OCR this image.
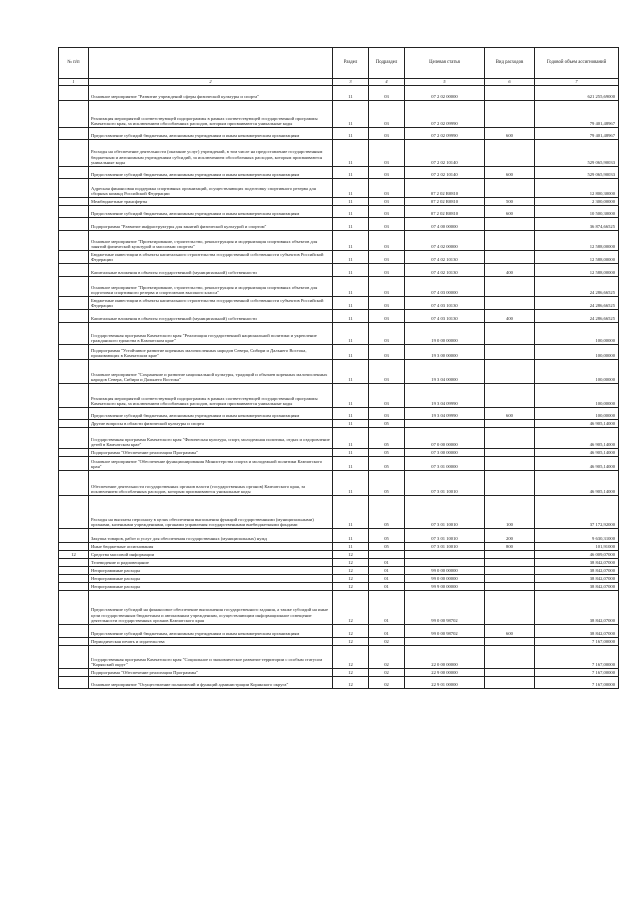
№ п/п		Раздел	Подраздел	Целевая статья	Вид расходов	Годовой объем ассигнований
1	2	3	4	5	6	7
	Основное мероприятие "Развитие учреждений сферы физической культуры и спорта"	11	03	07 2 02 00000		621 255,69000
	Реализация мероприятий соответствующей подпрограммы в рамках соответствующей государственной программы Камчатского края, за исключением обособленных расходов, которым присваиваются уникальные коды	11	03	07 2 02 09990		79 401,48967
	Предоставление субсидий бюджетным, автономным учреждениям и иным некоммерческим организациям	11	03	07 2 02 09990	600	79 401,48967
	Расходы на обеспечение деятельности (оказание услуг) учреждений, в том числе на предоставление государственным бюджетным и автономным учреждениям субсидий, за исключением обособленных расходов, которым присваиваются уникальные коды	11	03	07 2 02 10140		529 065,90033
	Предоставление субсидий бюджетным, автономным учреждениям и иным некоммерческим организациям	11	03	07 2 02 10140	600	529 065,90033
	Адресная финансовая поддержка спортивных организаций, осуществляющих подготовку спортивного резерва для сборных команд Российской Федерации	11	03	07 2 02 R0810		12 800,30000
	Межбюджетные трансферты	11	03	07 2 02 R0810	500	2 300,00000
	Предоставление субсидий бюджетным, автономным учреждениям и иным некоммерческим организациям	11	03	07 2 02 R0810	600	10 500,30000
	Подпрограмма "Развитие инфраструктуры для занятий физической культурой и спортом"	11	03	07 4 00 00000		36 874,66525
	Основное мероприятие "Проектирование, строительство, реконструкция и модернизация спортивных объектов для занятий физической культурой и массовым спортом"	11	03	07 4 02 00000		12 588,00000
	Бюджетные инвестиции в объекты капитального строительства государственной собственности субъектов Российской Федерации	11	03	07 4 02 10130		12 588,00000
	Капитальные вложения в объекты государственной (муниципальной) собственности	11	03	07 4 02 10130	400	12 588,00000
	Основное мероприятие "Проектирование, строительство, реконструкция и модернизация спортивных объектов для подготовки спортивного резерва и спортсменов высокого класса"	11	03	07 4 03 00000		24 286,66525
	Бюджетные инвестиции в объекты капитального строительства государственной собственности субъектов Российской Федерации	11	03	07 4 03 10130		24 286,66525
	Капитальные вложения в объекты государственной (муниципальной) собственности	11	03	07 4 03 10130	400	24 286,66525
	Государственная программа Камчатского края "Реализация государственной национальной политики и укрепление гражданского единства в Камчатском крае"	11	03	19 0 00 00000		100,00000
	Подпрограмма "Устойчивое развитие коренных малочисленных народов Севера, Сибири и Дальнего Востока, проживающих в Камчатском крае"	11	03	19 3 00 00000		100,00000
	Основное мероприятие "Сохранение и развитие национальной культуры, традиций и обычаев коренных малочисленных народов Севера, Сибири и Дальнего Востока"	11	03	19 3 04 00000		100,00000
	Реализация мероприятий соответствующей подпрограммы в рамках соответствующей государственной программы Камчатского края, за исключением обособленных расходов, которым присваиваются уникальные коды	11	03	19 3 04 09990		100,00000
	Предоставление субсидий бюджетным, автономным учреждениям и иным некоммерческим организациям	11	03	19 3 04 09990	600	100,00000
	Другие вопросы в области физической культуры и спорта	11	05			46 905,14000
	Государственная программа Камчатского края "Физическая культура, спорт, молодежная политика, отдых и оздоровление детей в Камчатском крае"	11	05	07 0 00 00000		46 905,14000
	Подпрограмма "Обеспечение реализации Программы"	11	05	07 3 00 00000		46 905,14000
	Основное мероприятие "Обеспечение функционирования Министерства спорта и молодежной политики Камчатского края"	11	05	07 3 01 00000		46 905,14000
	Обеспечение деятельности государственных органов власти (государственных органов) Камчатского края, за исключением обособленных расходов, которым присваиваются уникальные коды	11	05	07 3 01 10010		46 905,14000
	Расходы на выплаты персоналу в целях обеспечения выполнения функций государственными (муниципальными) органами, казенными учреждениями, органами управления государственными внебюджетными фондами	11	05	07 3 01 10010	100	37 172,92000
	Закупка товаров, работ и услуг для обеспечения государственных (муниципальных) нужд	11	05	07 3 01 10010	200	9 630,31000
	Иные бюджетные ассигнования	11	05	07 3 01 10010	800	101,91000
12	Средства массовой информации	12				46 009,07000
	Телевидение и радиовещание	12	01			38 842,07000
	Непрограммные расходы	12	01	99 0 00 00000		38 842,07000
	Непрограммные расходы	12	01	99 0 00 00000		38 842,07000
	Непрограммные расходы	12	01	99 9 00 00000		38 842,07000
	Предоставление субсидий на финансовое обеспечение выполнения государственного задания, а также субсидий на иные цели государственным бюджетным и автономным учреждениям, осуществляющим информационное освещение деятельности государственных органов Камчатского края	12	01	99 0 00 98702		38 842,07000
	Предоставление субсидий бюджетным, автономным учреждениям и иным некоммерческим организациям	12	01	99 0 00 98702	600	38 842,07000
	Периодическая печать и издательства	12	02			7 167,00000
	Государственная программа Камчатского края "Социальное и экономическое развитие территории с особым статусом "Корякский округ"	12	02	22 0 00 00000		7 167,00000
	Подпрограмма "Обеспечение реализации Программы"	12	02	22 9 00 00000		7 167,00000
	Основное мероприятие "Осуществление полномочий и функций администрации Корякского округа"	12	02	22 9 01 00000		7 167,00000
